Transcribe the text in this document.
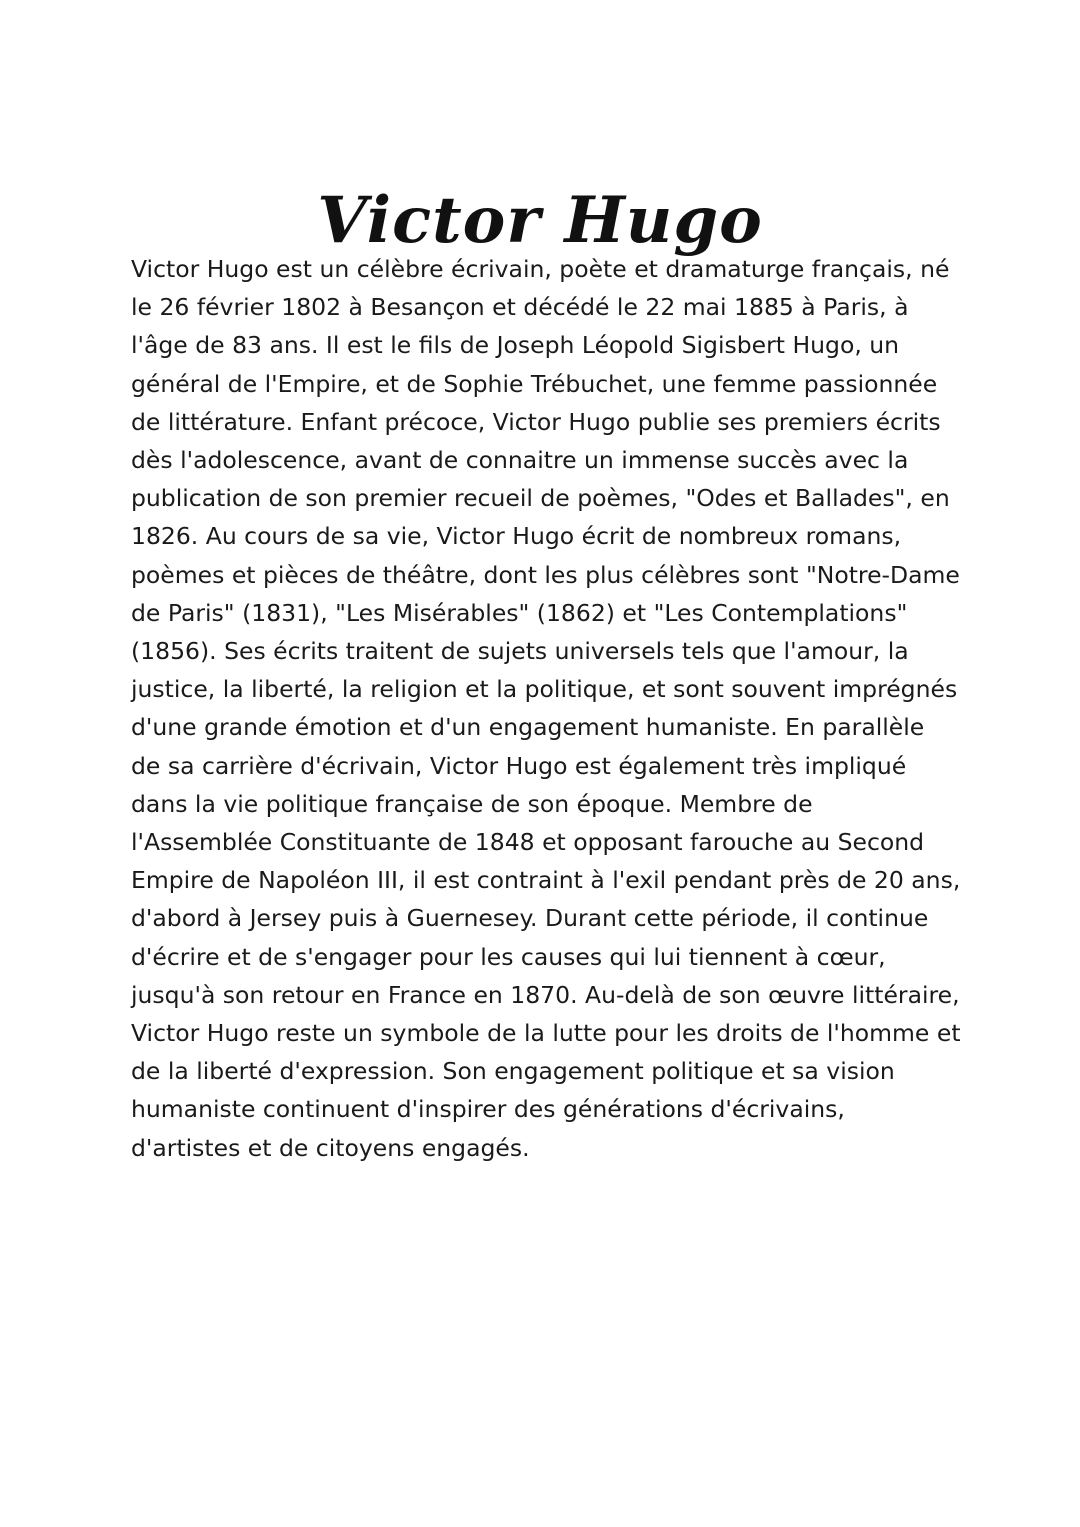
Victor Hugo

Victor Hugo est un célèbre écrivain, poète et dramaturge français, né le 26 février 1802 à Besançon et décédé le 22 mai 1885 à Paris, à l'âge de 83 ans. Il est le fils de Joseph Léopold Sigisbert Hugo, un général de l'Empire, et de Sophie Trébuchet, une femme passionnée de littérature. Enfant précoce, Victor Hugo publie ses premiers écrits dès l'adolescence, avant de connaitre un immense succès avec la publication de son premier recueil de poèmes, "Odes et Ballades", en 1826. Au cours de sa vie, Victor Hugo écrit de nombreux romans, poèmes et pièces de théâtre, dont les plus célèbres sont "Notre-Dame de Paris" (1831), "Les Misérables" (1862) et "Les Contemplations" (1856). Ses écrits traitent de sujets universels tels que l'amour, la justice, la liberté, la religion et la politique, et sont souvent imprégnés d'une grande émotion et d'un engagement humaniste. En parallèle de sa carrière d'écrivain, Victor Hugo est également très impliqué dans la vie politique française de son époque. Membre de l'Assemblée Constituante de 1848 et opposant farouche au Second Empire de Napoléon III, il est contraint à l'exil pendant près de 20 ans, d'abord à Jersey puis à Guernesey. Durant cette période, il continue d'écrire et de s'engager pour les causes qui lui tiennent à cœur, jusqu'à son retour en France en 1870. Au-delà de son œuvre littéraire, Victor Hugo reste un symbole de la lutte pour les droits de l'homme et de la liberté d'expression. Son engagement politique et sa vision humaniste continuent d'inspirer des générations d'écrivains, d'artistes et de citoyens engagés.
